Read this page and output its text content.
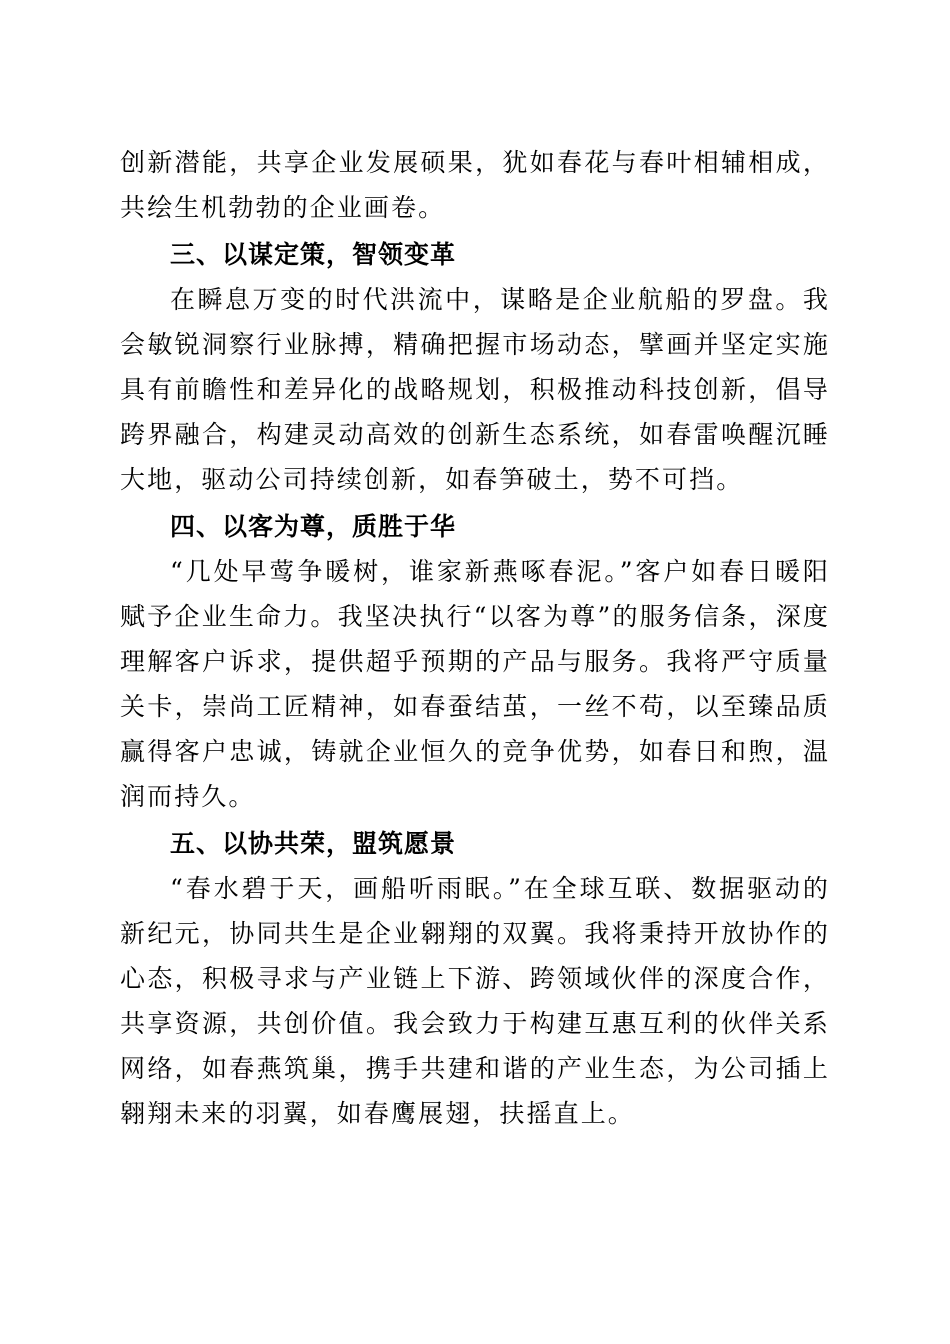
创新潜能，共享企业发展硕果，犹如春花与春叶相辅相成，共绘生机勃勃的企业画卷。

三、以谋定策，智领变革

在瞬息万变的时代洪流中，谋略是企业航船的罗盘。我会敏锐洞察行业脉搏，精确把握市场动态，擘画并坚定实施具有前瞻性和差异化的战略规划，积极推动科技创新，倡导跨界融合，构建灵动高效的创新生态系统，如春雷唤醒沉睡大地，驱动公司持续创新，如春笋破土，势不可挡。

四、以客为尊，质胜于华

“几处早莺争暖树，谁家新燕啄春泥。”客户如春日暖阳赋予企业生命力。我坚决执行“以客为尊”的服务信条，深度理解客户诉求，提供超乎预期的产品与服务。我将严守质量关卡，崇尚工匠精神，如春蚕结茧，一丝不苟，以至臻品质赢得客户忠诚，铸就企业恒久的竞争优势，如春日和煦，温润而持久。

五、以协共荣，盟筑愿景

“春水碧于天，画船听雨眠。”在全球互联、数据驱动的新纪元，协同共生是企业翱翔的双翼。我将秉持开放协作的心态，积极寻求与产业链上下游、跨领域伙伴的深度合作，共享资源，共创价值。我会致力于构建互惠互利的伙伴关系网络，如春燕筑巢，携手共建和谐的产业生态，为公司插上翱翔未来的羽翼，如春鹰展翅，扶摇直上。
